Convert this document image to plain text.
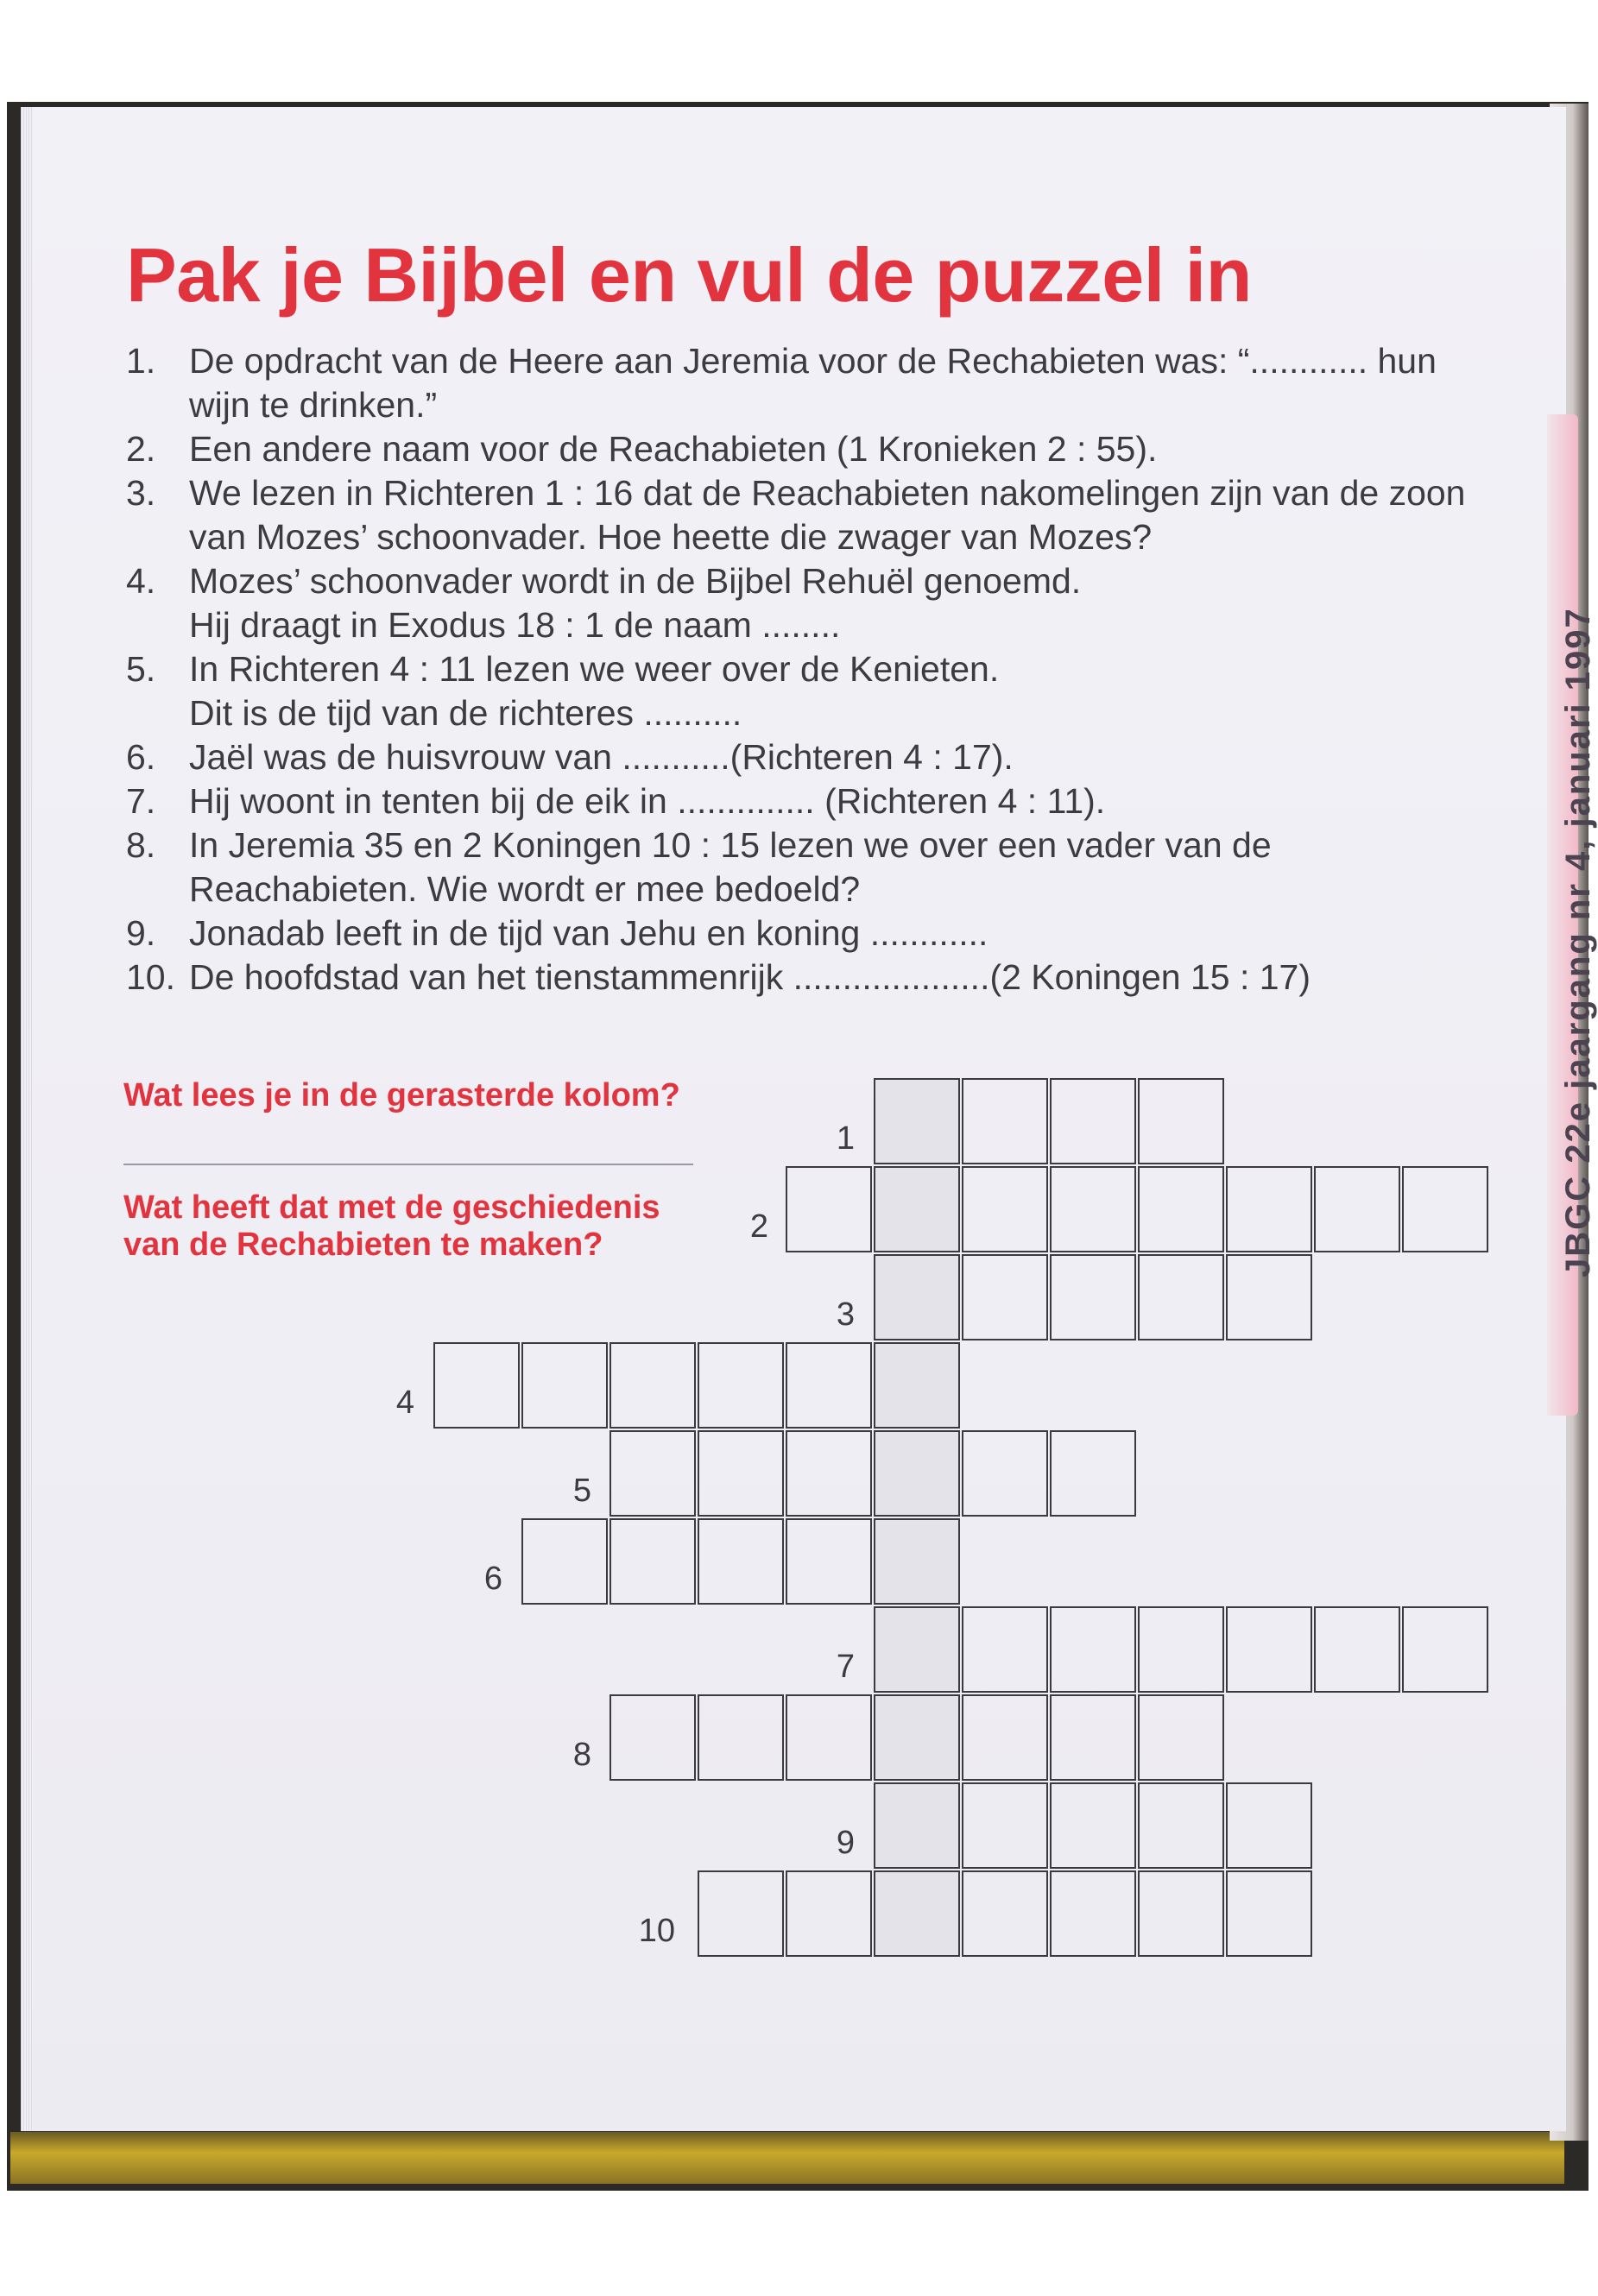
JBGC 22e jaargang nr 4, januari 1997
Pak je Bijbel en vul de puzzel in
1. De opdracht van de Heere aan Jeremia voor de Rechabieten was: “............ hun wijn te drinken.”
2. Een andere naam voor de Reachabieten (1 Kronieken 2 : 55).
3. We lezen in Richteren 1 : 16 dat de Reachabieten nakomelingen zijn van de zoon van Mozes’ schoonvader. Hoe heette die zwager van Mozes?
4. Mozes’ schoonvader wordt in de Bijbel Rehuël genoemd.
Hij draagt in Exodus 18 : 1 de naam ........
5. In Richteren 4 : 11 lezen we weer over de Kenieten.
Dit is de tijd van de richteres ..........
6. Jaël was de huisvrouw van ...........(Richteren 4 : 17).
7. Hij woont in tenten bij de eik in .............. (Richteren 4 : 11).
8. In Jeremia 35 en 2 Koningen 10 : 15 lezen we over een vader van de Reachabieten. Wie wordt er mee bedoeld?
9. Jonadab leeft in de tijd van Jehu en koning ............
10. De hoofdstad van het tienstammenrijk ....................(2 Koningen 15 : 17)

Wat lees je in de gerasterde kolom?

Wat heeft dat met de geschiedenis

van de Rechabieten te maken?

1
2
3
4
5
6
7
8
9
10
